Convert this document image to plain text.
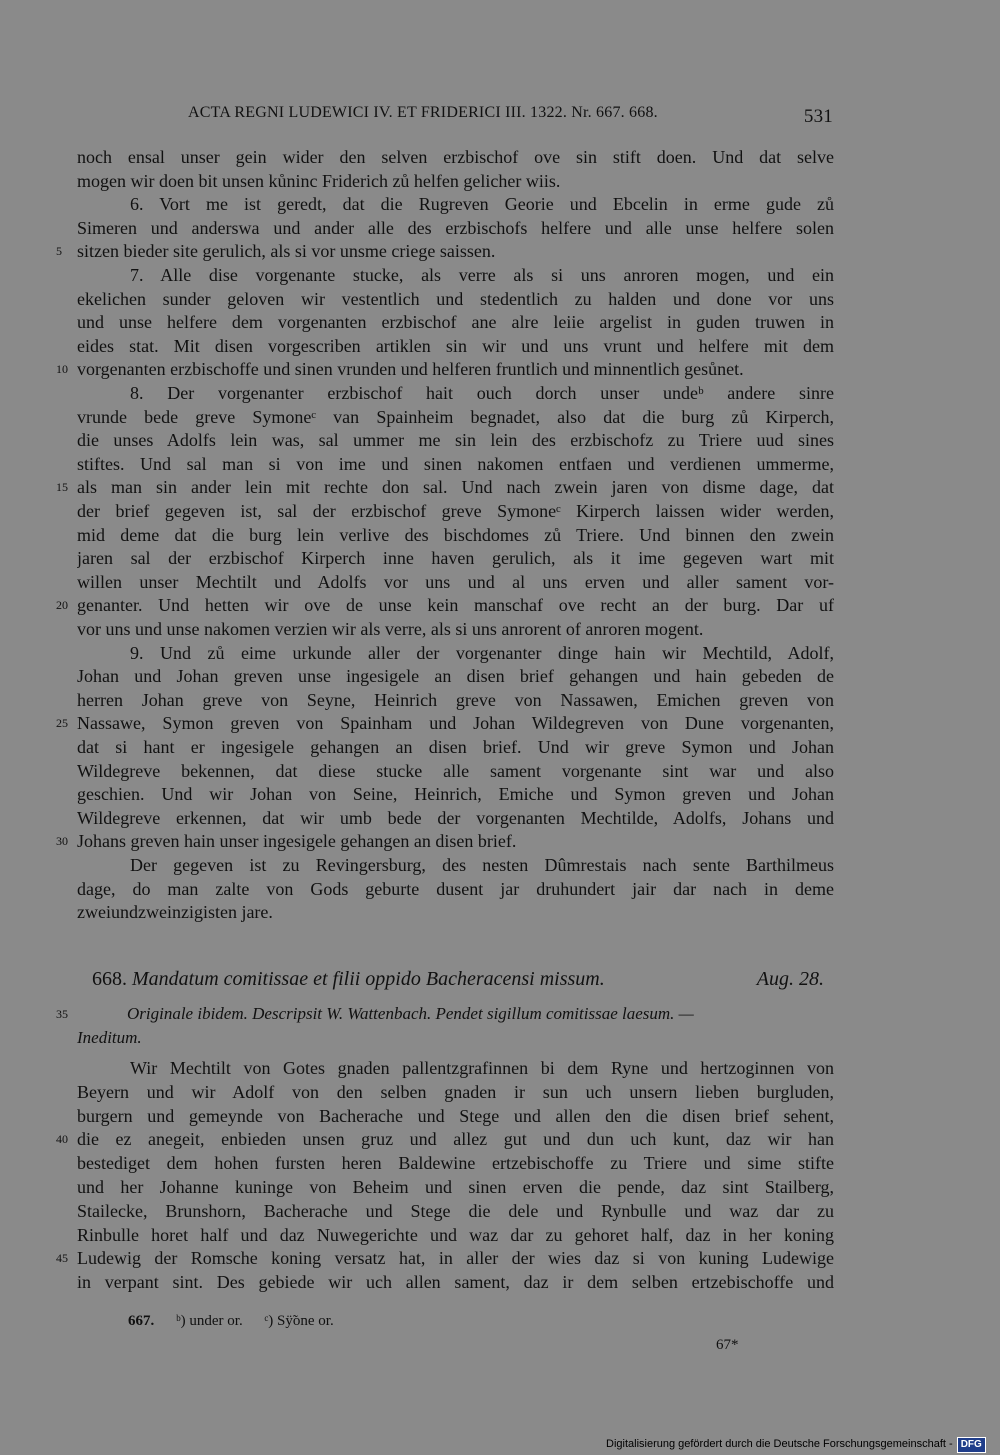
ACTA REGNI LUDEWICI IV. ET FRIDERICI III. 1322. Nr. 667. 668.	531
noch ensal unser gein wider den selven erzbischof ove sin stift doen. Und dat selve
mogen wir doen bit unsen kůninc Friderich zů helfen gelicher wiis.
6. Vort me ist geredt, dat die Rugreven Georie und Ebcelin in erme gude zů
Simeren und anderswa und ander alle des erzbischofs helfere und alle unse helfere solen
sitzen bieder site gerulich, als si vor unsme criege saissen.
5
7. Alle dise vorgenante stucke, als verre als si uns anroren mogen, und ein
ekelichen sunder geloven wir vestentlich und stedentlich zu halden und done vor uns
und unse helfere dem vorgenanten erzbischof ane alre leiie argelist in guden truwen in
eides stat. Mit disen vorgescriben artiklen sin wir und uns vrunt und helfere mit dem
vorgenanten erzbischoffe und sinen vrunden und helferen fruntlich und minnentlich gesůnet.
10
8. Der vorgenanter erzbischof hait ouch dorch unser undeᵇ andere sinre
vrunde bede greve Symoneᶜ van Spainheim begnadet, also dat die burg zů Kirperch,
die unses Adolfs lein was, sal ummer me sin lein des erzbischofz zu Triere uud sines
stiftes. Und sal man si von ime und sinen nakomen entfaen und verdienen ummerme,
als man sin ander lein mit rechte don sal. Und nach zwein jaren von disme dage, dat
15
der brief gegeven ist, sal der erzbischof greve Symoneᶜ Kirperch laissen wider werden,
mid deme dat die burg lein verlive des bischdomes zů Triere. Und binnen den zwein
jaren sal der erzbischof Kirperch inne haven gerulich, als it ime gegeven wart mit
willen unser Mechtilt und Adolfs vor uns und al uns erven und aller sament vor-
genanter. Und hetten wir ove de unse kein manschaf ove recht an der burg. Dar uf
20
vor uns und unse nakomen verzien wir als verre, als si uns anrorent of anroren mogent.
9. Und zů eime urkunde aller der vorgenanter dinge hain wir Mechtild, Adolf,
Johan und Johan greven unse ingesigele an disen brief gehangen und hain gebeden de
herren Johan greve von Seyne, Heinrich greve von Nassawen, Emichen greven von
Nassawe, Symon greven von Spainham und Johan Wildegreven von Dune vorgenanten,
25
dat si hant er ingesigele gehangen an disen brief. Und wir greve Symon und Johan
Wildegreve bekennen, dat diese stucke alle sament vorgenante sint war und also
geschien. Und wir Johan von Seine, Heinrich, Emiche und Symon greven und Johan
Wildegreve erkennen, dat wir umb bede der vorgenanten Mechtilde, Adolfs, Johans und
Johans greven hain unser ingesigele gehangen an disen brief.
30
Der gegeven ist zu Revingersburg, des nesten Dûmrestais nach sente Barthilmeus
dage, do man zalte von Gods geburte dusent jar druhundert jair dar nach in deme
zweiundzweinzigisten jare.
668. Mandatum comitissae et filii oppido Bacheracensi missum.	Aug. 28.
35	Originale ibidem. Descripsit W. Wattenbach. Pendet sigillum comitissae laesum. —
Ineditum.
Wir Mechtilt von Gotes gnaden pallentzgrafinnen bi dem Ryne und hertzoginnen von
Beyern und wir Adolf von den selben gnaden ir sun uch unsern lieben burgluden,
burgern und gemeynde von Bacherache und Stege und allen den die disen brief sehent,
die ez anegeit, enbieden unsen gruz und allez gut und dun uch kunt, daz wir han
40
bestediget dem hohen fursten heren Baldewine ertzebischoffe zu Triere und sime stifte
und her Johanne kuninge von Beheim und sinen erven die pende, daz sint Stailberg,
Stailecke, Brunshorn, Bacherache und Stege die dele und Rynbulle und waz dar zu
Rinbulle horet half und daz Nuwegerichte und waz dar zu gehoret half, daz in her koning
Ludewig der Romsche koning versatz hat, in aller der wies daz si von kuning Ludewige
45
in verpant sint. Des gebiede wir uch allen sament, daz ir dem selben ertzebischoffe und
667. ᵇ) under or. ᶜ) Sÿ̃one or.
67*
Digitalisierung gefördert durch die Deutsche Forschungsgemeinschaft - DFG
